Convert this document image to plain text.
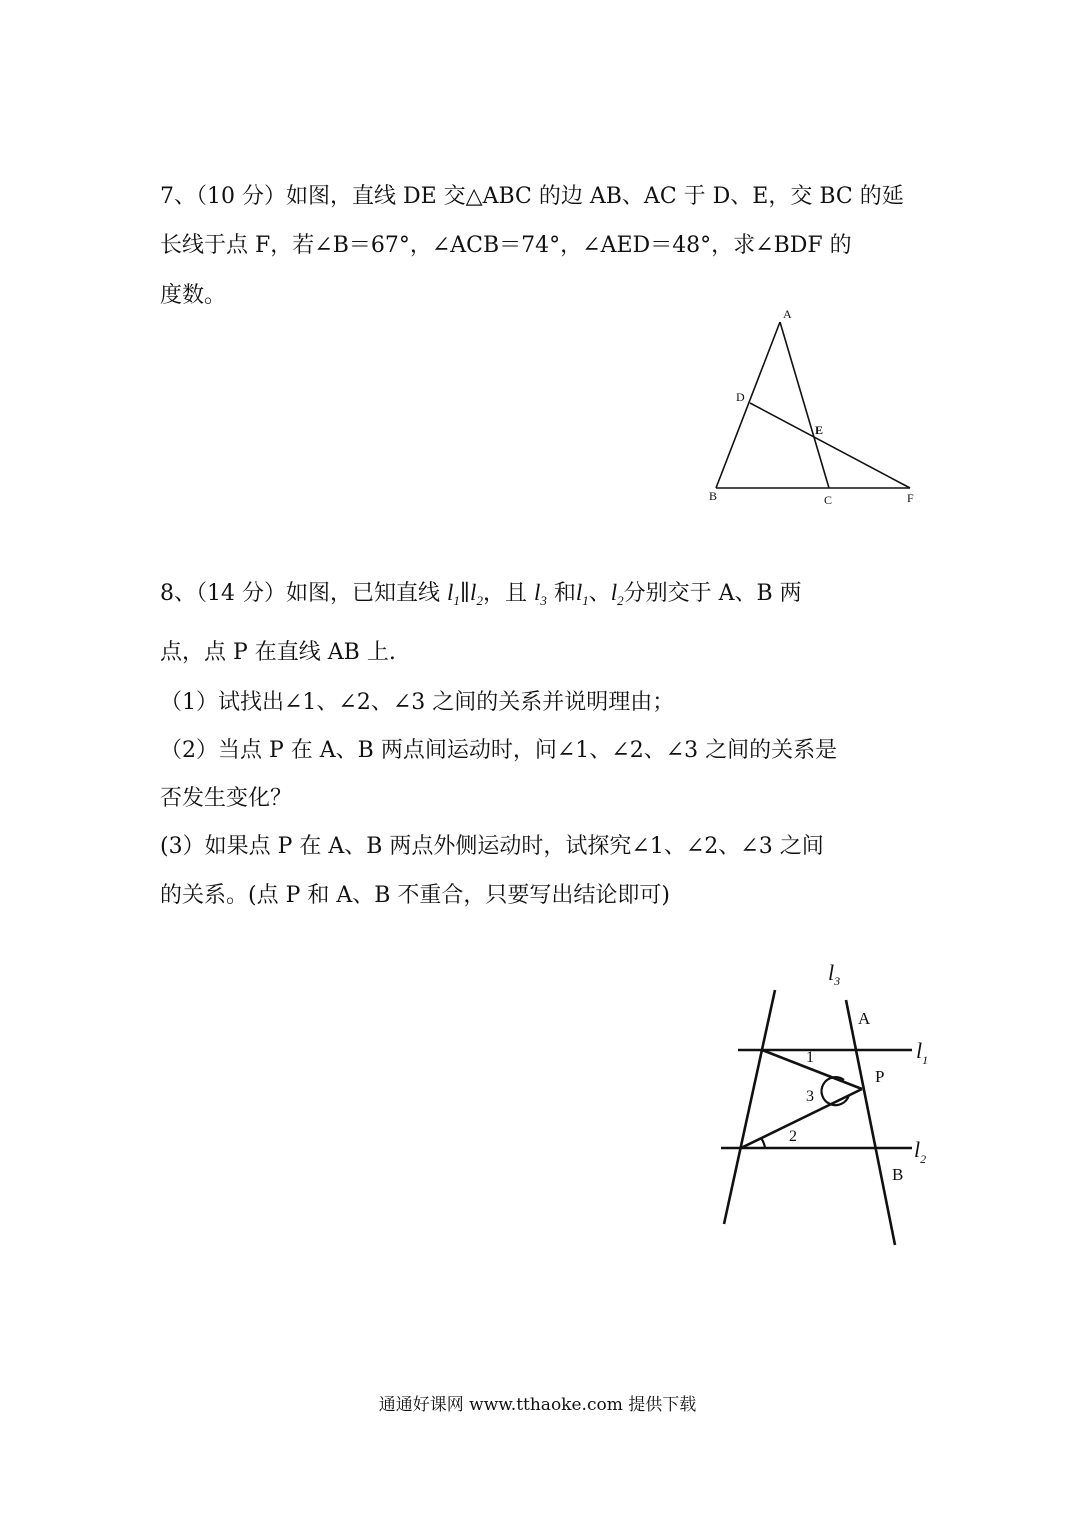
7、（10 分）如图，直线 DE 交△ABC 的边 AB、AC 于 D、E，交 BC 的延
长线于点 F，若∠B＝67°，∠ACB＝74°，∠AED＝48°，求∠BDF 的
度数。
8、（14 分）如图，已知直线 $l_1\parallel l_2$，且 $l_3$ 和$l_1$、$l_2$分别交于 A、B 两
点，点 P 在直线 AB 上.
（1）试找出∠1、∠2、∠3 之间的关系并说明理由；
（2）当点 P 在 A、B 两点间运动时，问∠1、∠2、∠3 之间的关系是
否发生变化？
(3）如果点 P 在 A、B 两点外侧运动时，试探究∠1、∠2、∠3 之间
的关系。(点 P 和 A、B 不重合，只要写出结论即可)
A
D
E
B	C	F
$l_3$
A
$l_1$
1
P
3
2
$l_2$
B
通通好课网 www.tthaoke.com 提供下载
